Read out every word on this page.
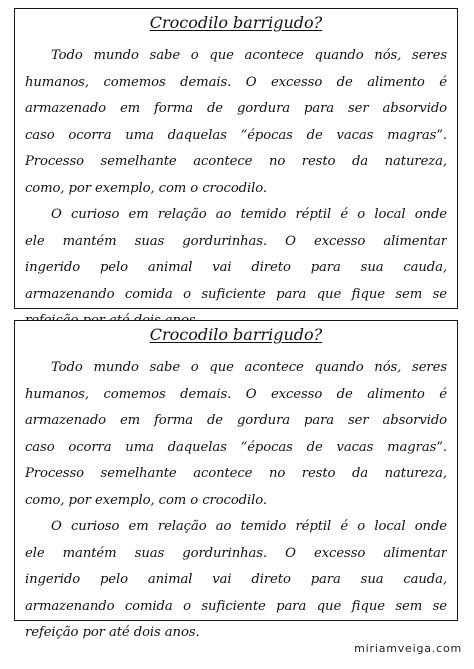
Crocodilo barrigudo?
Todo mundo sabe o que acontece quando nós, seres
humanos, comemos demais. O excesso de alimento é
armazenado em forma de gordura para ser absorvido
caso ocorra uma daquelas “épocas de vacas magras”.
Processo semelhante acontece no resto da natureza,
como, por exemplo, com o crocodilo.
O curioso em relação ao temido réptil é o local onde
ele mantém suas gordurinhas. O excesso alimentar
ingerido pelo animal vai direto para sua cauda,
armazenando comida o suficiente para que fique sem se
Crocodilo barrigudo?
Todo mundo sabe o que acontece quando nós, seres
humanos, comemos demais. O excesso de alimento é
armazenado em forma de gordura para ser absorvido
caso ocorra uma daquelas “épocas de vacas magras”.
Processo semelhante acontece no resto da natureza,
como, por exemplo, com o crocodilo.
O curioso em relação ao temido réptil é o local onde
ele mantém suas gordurinhas. O excesso alimentar
ingerido pelo animal vai direto para sua cauda,
armazenando comida o suficiente para que fique sem se
refeição por até dois anos.
miriamveiga.com
